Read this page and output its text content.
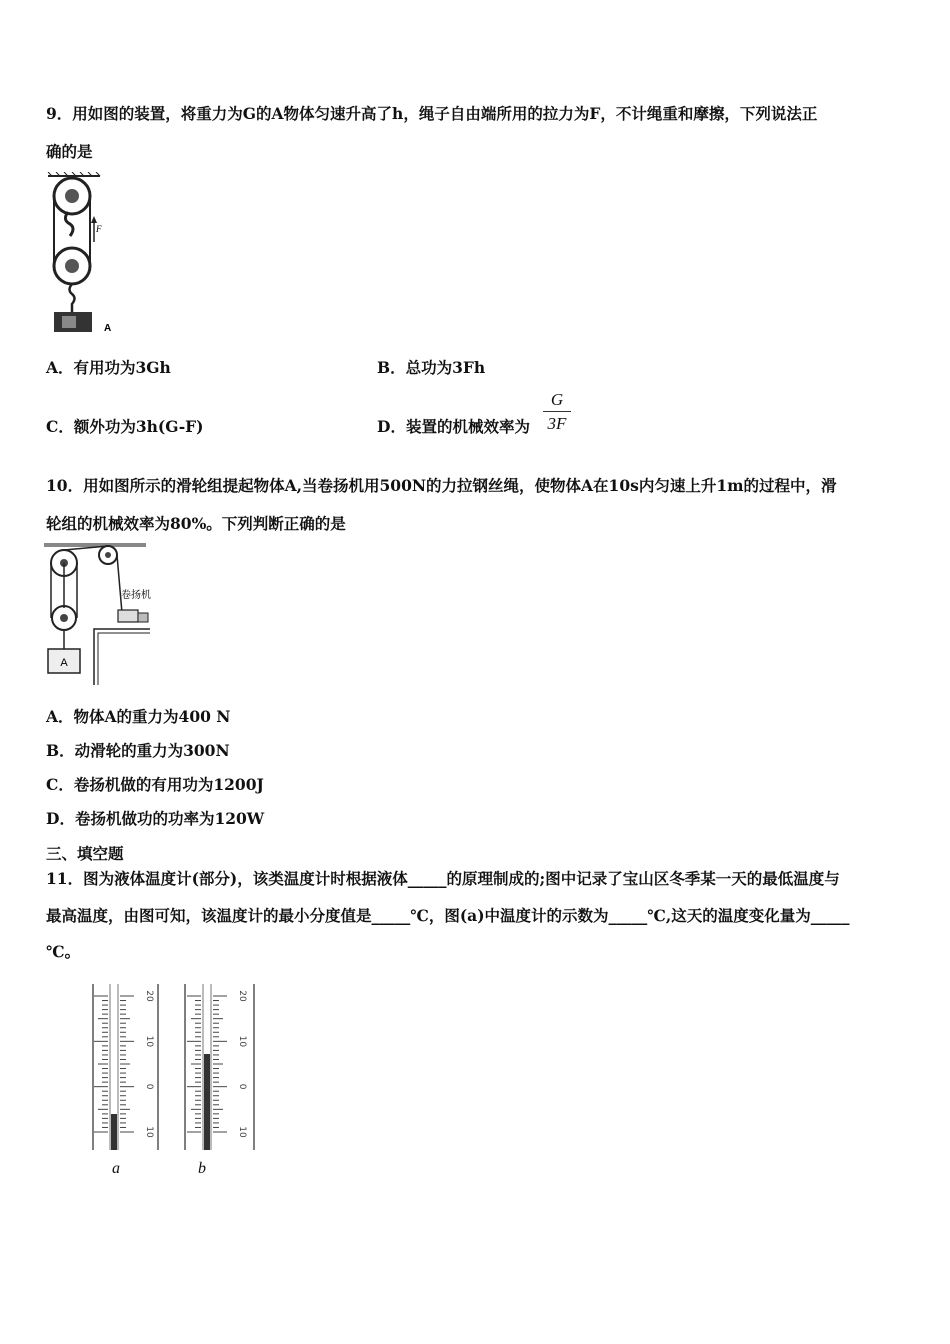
9．用如图的装置，将重力为G的A物体匀速升高了h，绳子自由端所用的拉力为F，不计绳重和摩擦，下列说法正
确的是
F
A
A．有用功为3Gh	B．总功为3Fh
C．额外功为3h(G-F)	D．装置的机械效率为 $\frac{G}{3F}$
10．用如图所示的滑轮组提起物体A,当卷扬机用500N的力拉钢丝绳，使物体A在10s内匀速上升1m的过程中，滑
轮组的机械效率为80%。下列判断正确的是
A
卷扬机
A．物体A的重力为400 N
B．动滑轮的重力为300N
C．卷扬机做的有用功为1200J
D．卷扬机做功的功率为120W
三、填空题
11．图为液体温度计(部分)，该类温度计时根据液体_____的原理制成的;图中记录了宝山区冬季某一天的最低温度与
最高温度，由图可知，该温度计的最小分度值是_____℃，图(a)中温度计的示数为_____℃,这天的温度变化量为_____
℃。
20
10
0
10
20
10
0
10
a	b
